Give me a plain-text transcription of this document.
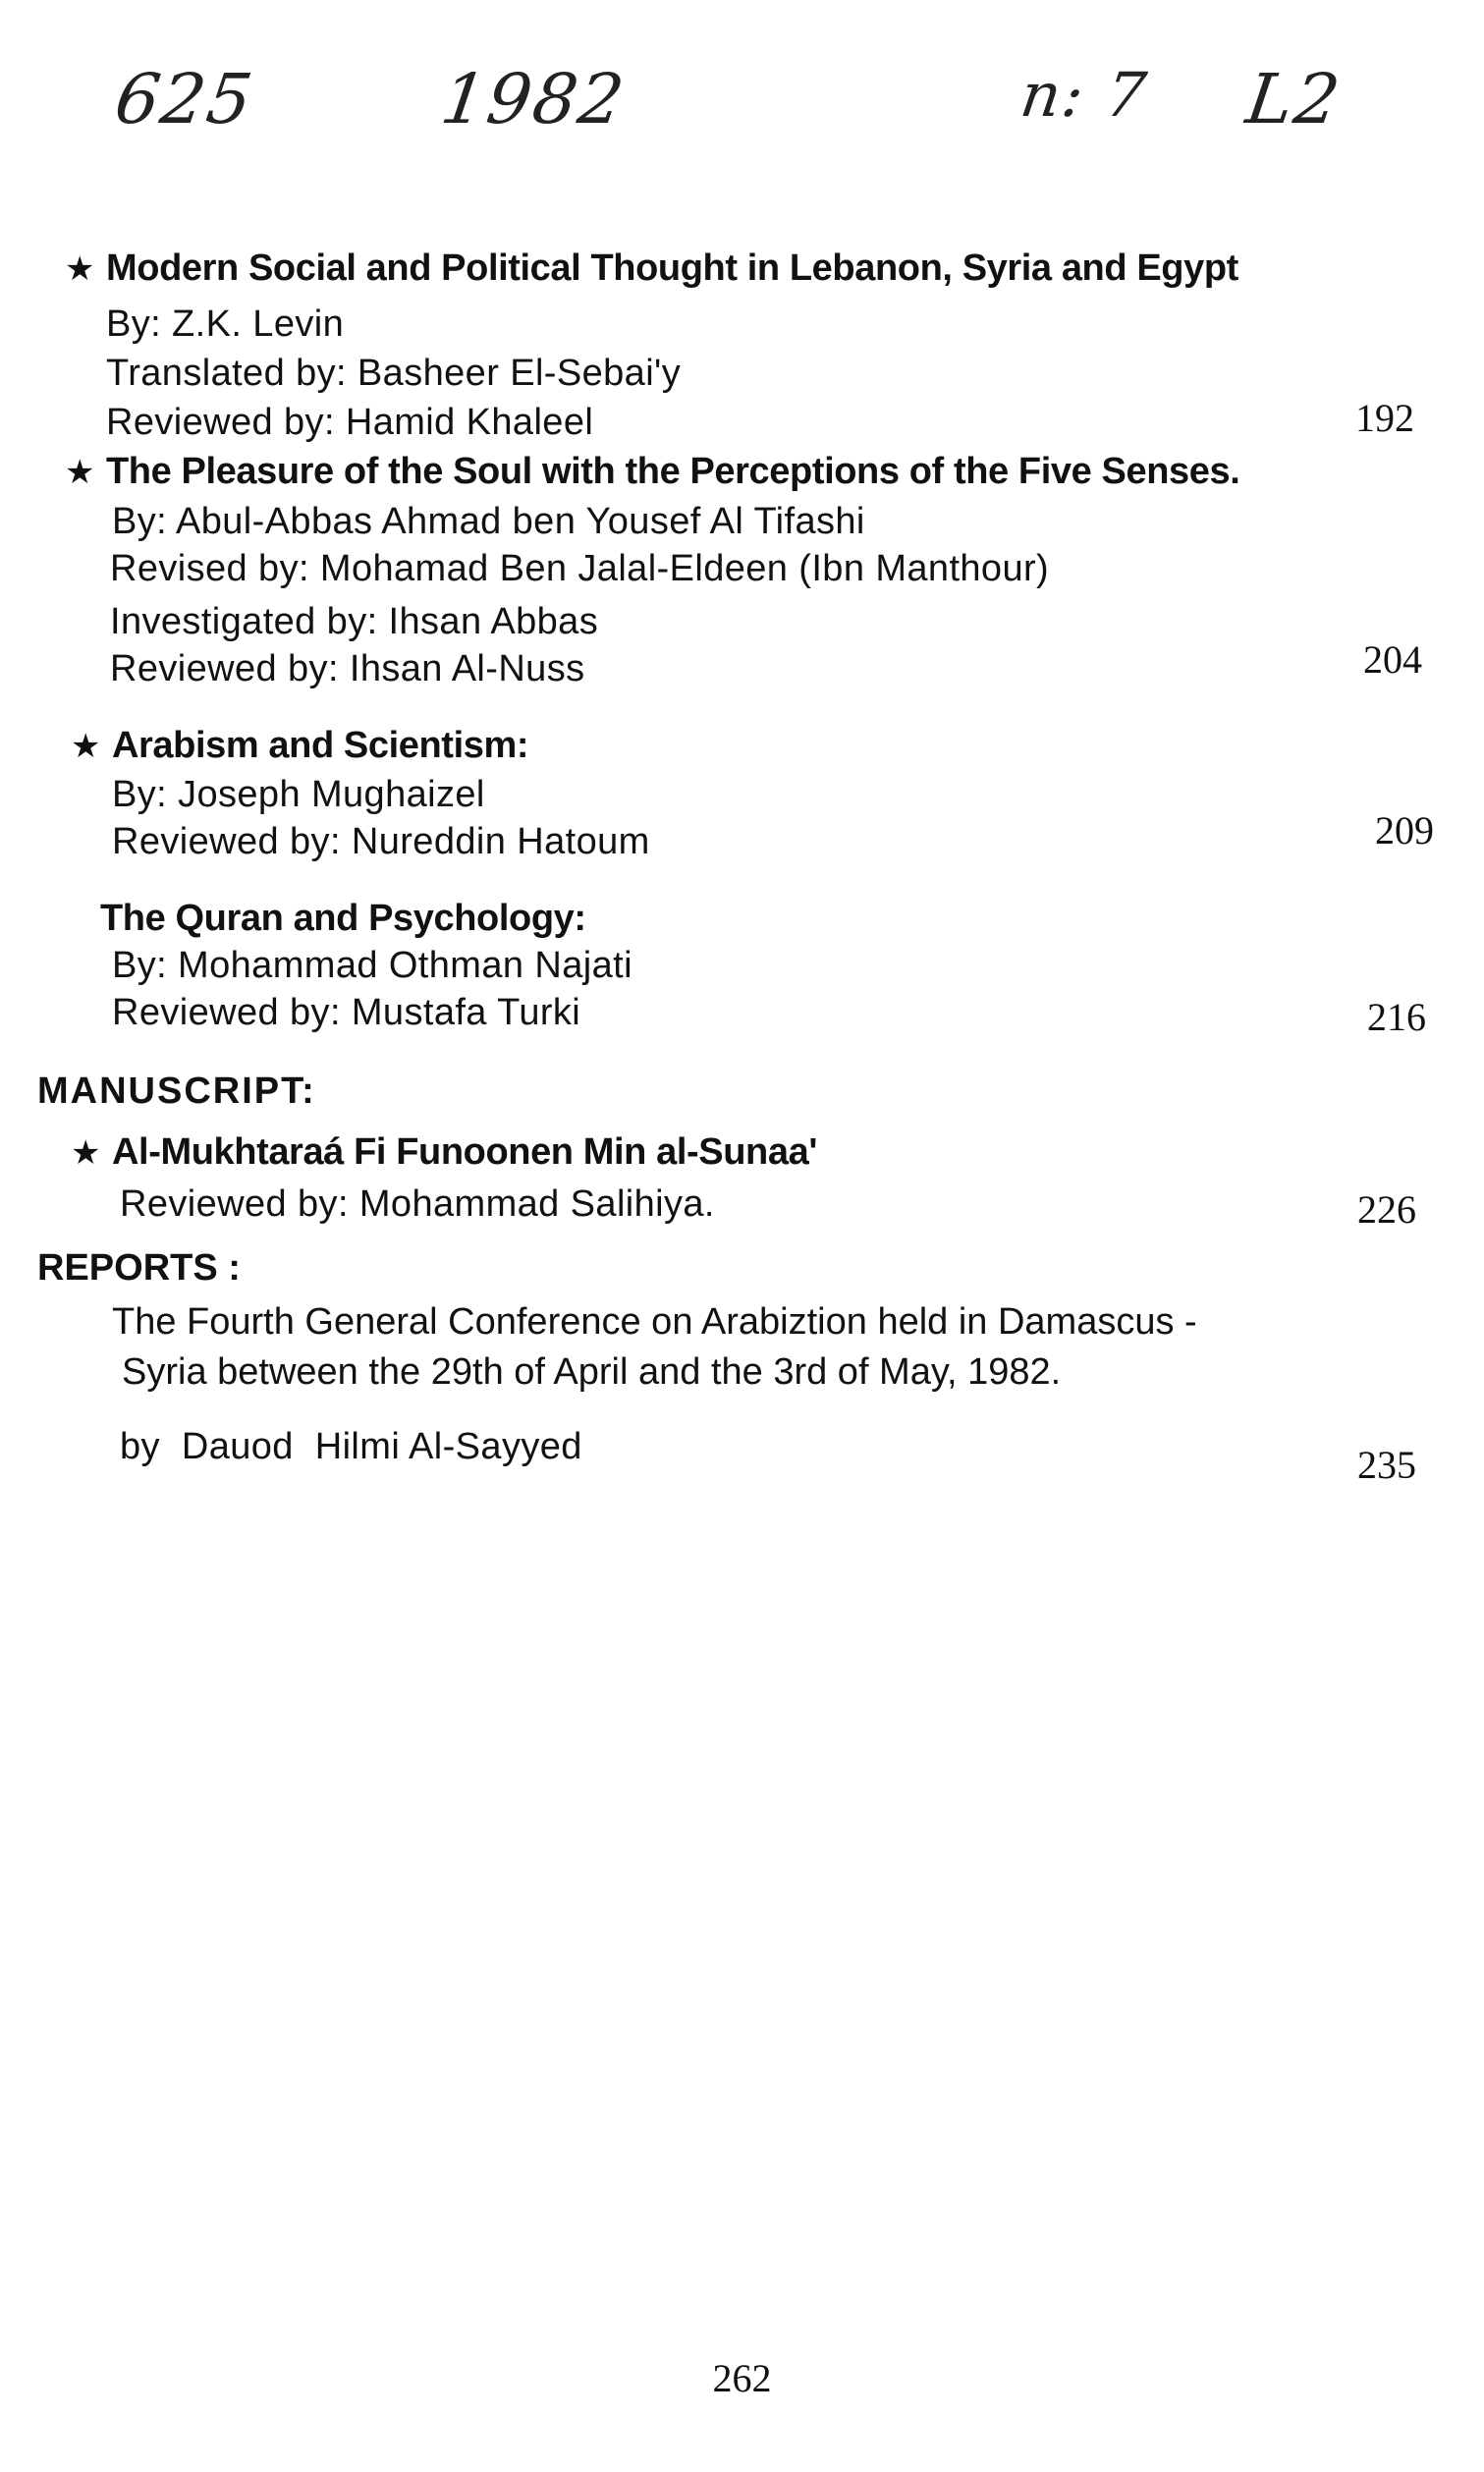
625	1982	n: 7 L2
★ Modern Social and Political Thought in Lebanon, Syria and Egypt
By: Z.K. Levin
Translated by: Basheer El-Sebai'y
Reviewed by: Hamid Khaleel	192
★ The Pleasure of the Soul with the Perceptions of the Five Senses.
By: Abul-Abbas Ahmad ben Yousef Al Tifashi
Revised by: Mohamad Ben Jalal-Eldeen (Ibn Manthour)
Investigated by: Ihsan Abbas
Reviewed by: Ihsan Al-Nuss	204
★ Arabism and Scientism:
By: Joseph Mughaizel
Reviewed by: Nureddin Hatoum	209
The Quran and Psychology:
By: Mohammad Othman Najati
Reviewed by: Mustafa Turki	216
MANUSCRIPT:
★ Al-Mukhtaraá Fi Funoonen Min al-Sunaa'
Reviewed by: Mohammad Salihiya.	226
REPORTS :
The Fourth General Conference on Arabiztion held in Damascus -
Syria between the 29th of April and the 3rd of May, 1982.
by  Dauod  Hilmi Al-Sayyed	235
262
